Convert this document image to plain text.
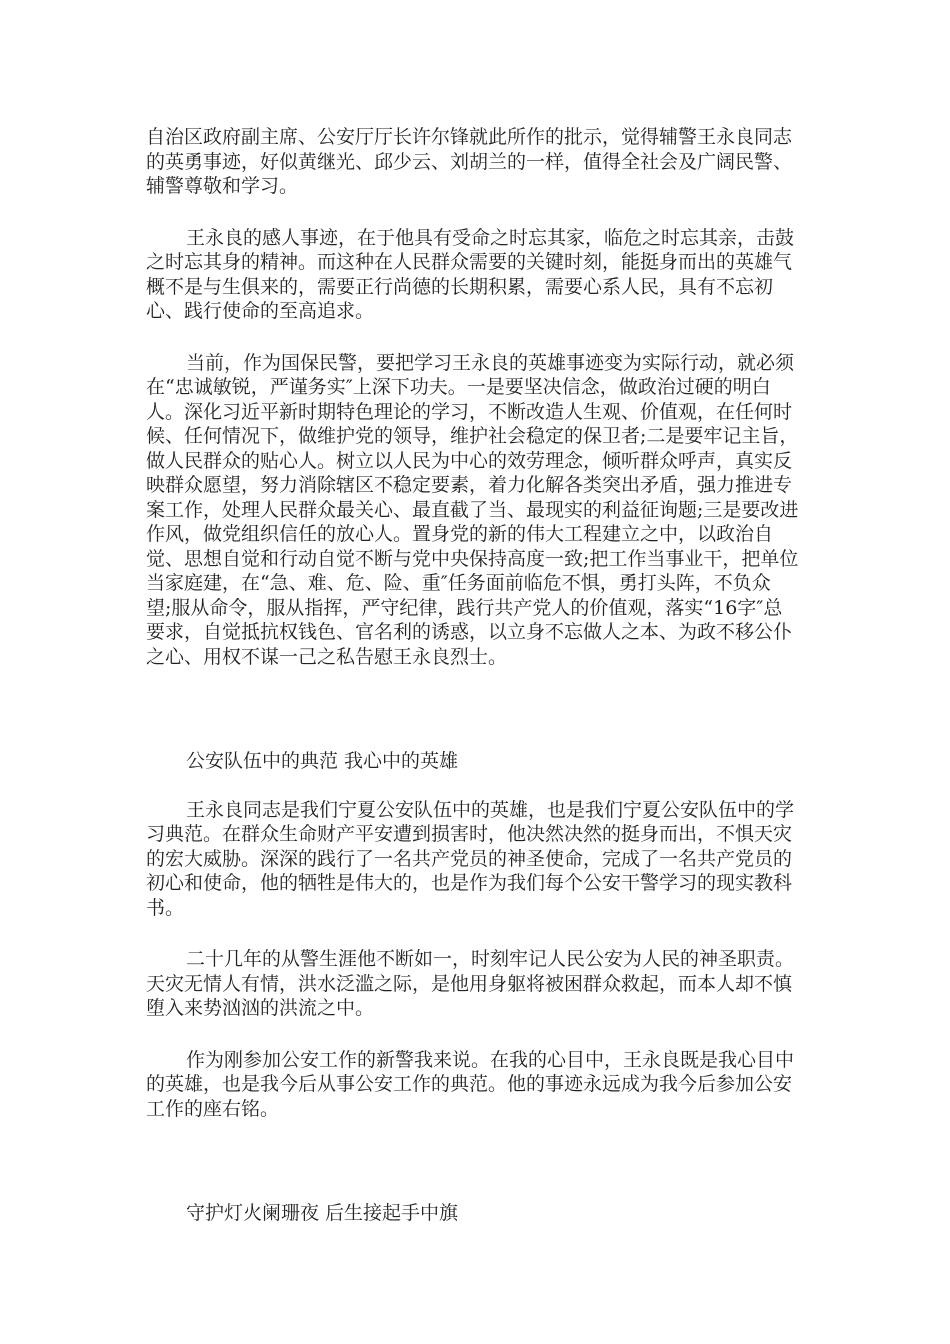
自治区政府副主席、公安厅厅长许尔锋就此所作的批示，觉得辅警王永良同志
的英勇事迹，好似黄继光、邱少云、刘胡兰的一样，值得全社会及广阔民警、
辅警尊敬和学习。
王永良的感人事迹，在于他具有受命之时忘其家，临危之时忘其亲，击鼓
之时忘其身的精神。而这种在人民群众需要的关键时刻，能挺身而出的英雄气
概不是与生俱来的，需要正行尚德的长期积累，需要心系人民，具有不忘初
心、践行使命的至高追求。
当前，作为国保民警，要把学习王永良的英雄事迹变为实际行动，就必须
在“忠诚敏锐，严谨务实″上深下功夫。一是要坚决信念，做政治过硬的明白
人。深化习近平新时期特色理论的学习，不断改造人生观、价值观，在任何时
候、任何情况下，做维护党的领导，维护社会稳定的保卫者;二是要牢记主旨，
做人民群众的贴心人。树立以人民为中心的效劳理念，倾听群众呼声，真实反
映群众愿望，努力消除辖区不稳定要素，着力化解各类突出矛盾，强力推进专
案工作，处理人民群众最关心、最直截了当、最现实的利益征询题;三是要改进
作风，做党组织信任的放心人。置身党的新的伟大工程建立之中，以政治自
觉、思想自觉和行动自觉不断与党中央保持高度一致;把工作当事业干，把单位
当家庭建，在“急、难、危、险、重″任务面前临危不惧，勇打头阵，不负众
望;服从命令，服从指挥，严守纪律，践行共产党人的价值观，落实“16字″总
要求，自觉抵抗权钱色、官名利的诱惑，以立身不忘做人之本、为政不移公仆
之心、用权不谋一己之私告慰王永良烈士。
公安队伍中的典范 我心中的英雄
王永良同志是我们宁夏公安队伍中的英雄，也是我们宁夏公安队伍中的学
习典范。在群众生命财产平安遭到损害时，他决然决然的挺身而出，不惧天灾
的宏大威胁。深深的践行了一名共产党员的神圣使命，完成了一名共产党员的
初心和使命，他的牺牲是伟大的，也是作为我们每个公安干警学习的现实教科
书。
二十几年的从警生涯他不断如一，时刻牢记人民公安为人民的神圣职责。
天灾无情人有情，洪水泛滥之际，是他用身躯将被困群众救起，而本人却不慎
堕入来势汹汹的洪流之中。
作为刚参加公安工作的新警我来说。在我的心目中，王永良既是我心目中
的英雄，也是我今后从事公安工作的典范。他的事迹永远成为我今后参加公安
工作的座右铭。
守护灯火阑珊夜 后生接起手中旗
